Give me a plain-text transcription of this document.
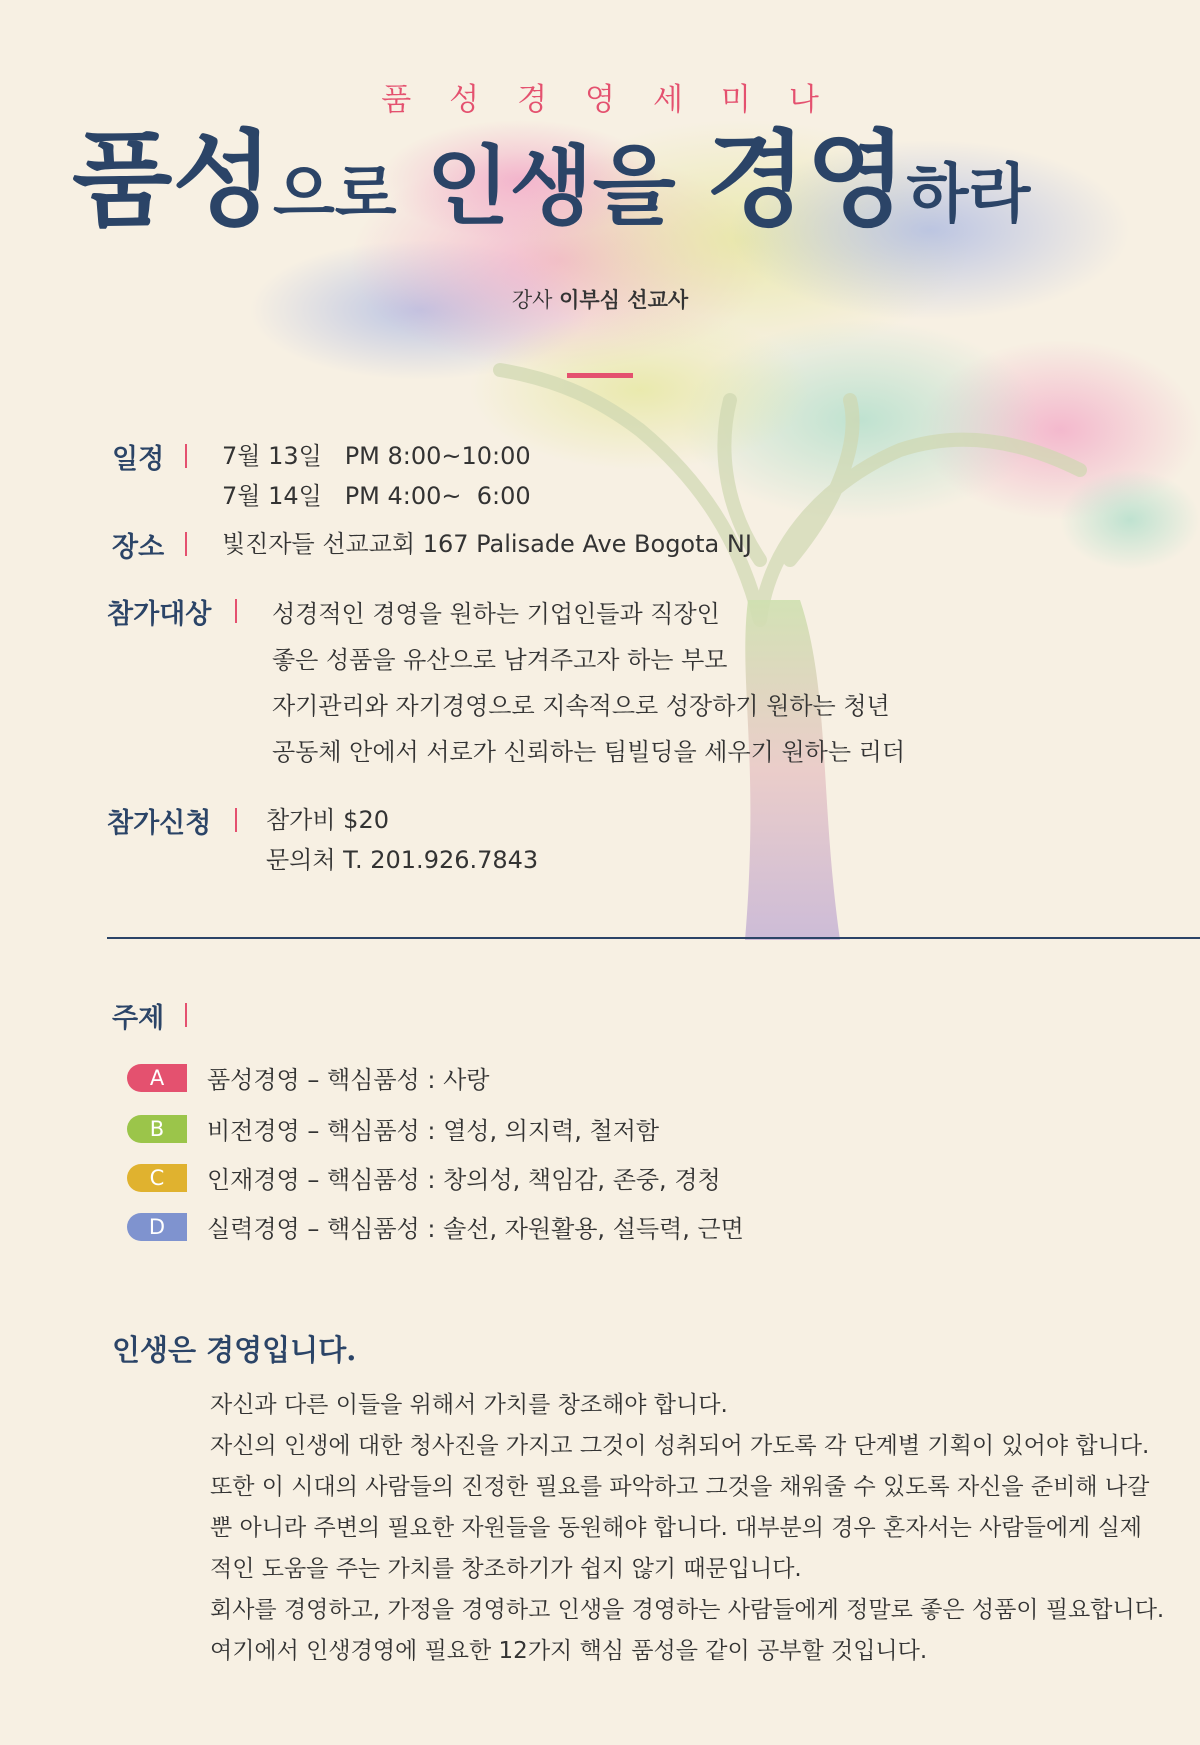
품성경영세미나
품성으로 인생을 경영하라
강사 이부심 선교사
일정 7월 13일   PM 8:00~10:00
7월 14일   PM 4:00~  6:00
장소 빛진자들 선교교회 167 Palisade Ave Bogota NJ
참가대상	성경적인 경영을 원하는 기업인들과 직장인
좋은 성품을 유산으로 남겨주고자 하는 부모
자기관리와 자기경영으로 지속적으로 성장하기 원하는 청년
공동체 안에서 서로가 신뢰하는 팀빌딩을 세우기 원하는 리더
참가신청 참가비 $20
문의처 T. 201.926.7843
주제
A	품성경영 – 핵심품성 : 사랑
B	비전경영 – 핵심품성 : 열성, 의지력, 철저함
C	인재경영 – 핵심품성 : 창의성, 책임감, 존중, 경청
D	실력경영 – 핵심품성 : 솔선, 자원활용, 설득력, 근면
인생은 경영입니다.
자신과 다른 이들을 위해서 가치를 창조해야 합니다.
자신의 인생에 대한 청사진을 가지고 그것이 성취되어 가도록 각 단계별 기획이 있어야 합니다.
또한 이 시대의 사람들의 진정한 필요를 파악하고 그것을 채워줄 수 있도록 자신을 준비해 나갈
뿐 아니라 주변의 필요한 자원들을 동원해야 합니다. 대부분의 경우 혼자서는 사람들에게 실제
적인 도움을 주는 가치를 창조하기가 쉽지 않기 때문입니다.
회사를 경영하고, 가정을 경영하고 인생을 경영하는 사람들에게 정말로 좋은 성품이 필요합니다.
여기에서 인생경영에 필요한 12가지 핵심 품성을 같이 공부할 것입니다.
